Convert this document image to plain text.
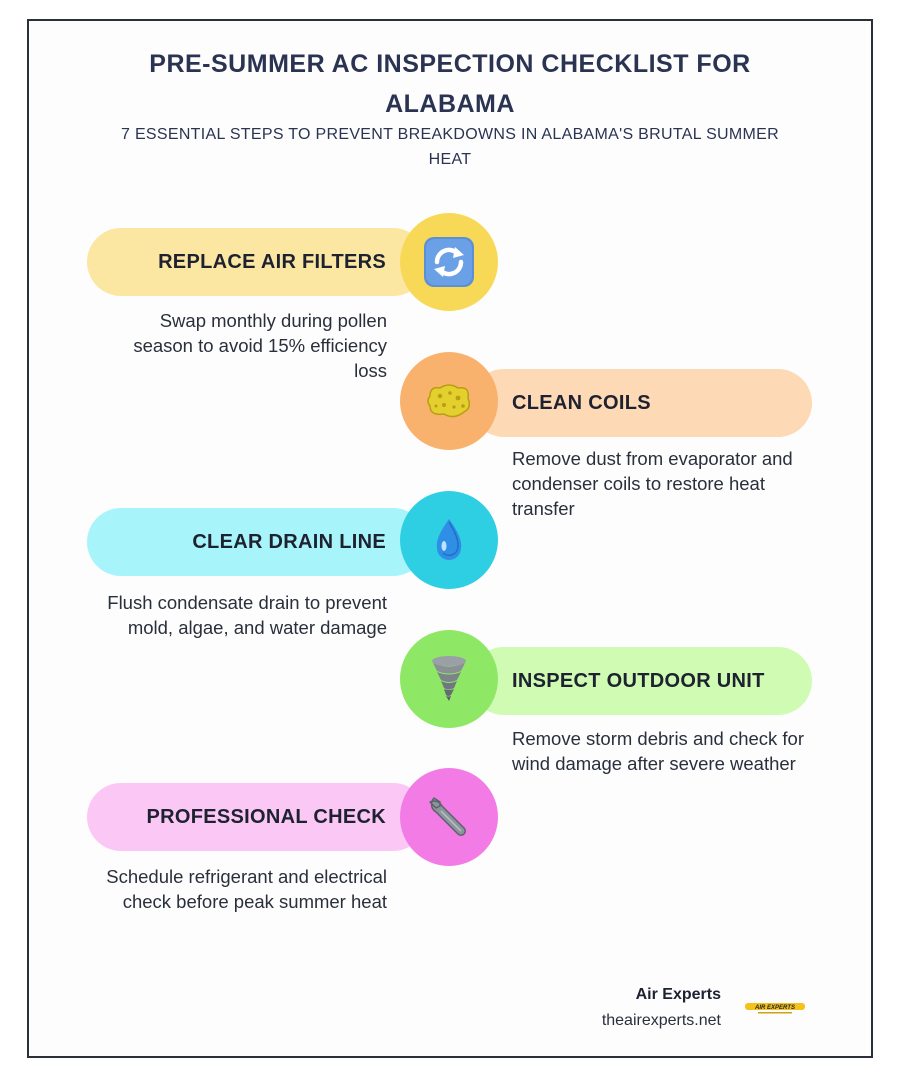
PRE-SUMMER AC INSPECTION CHECKLIST FOR ALABAMA
7 ESSENTIAL STEPS TO PREVENT BREAKDOWNS IN ALABAMA'S BRUTAL SUMMER HEAT
REPLACE AIR FILTERS
Swap monthly during pollen season to avoid 15% efficiency loss
CLEAN COILS
Remove dust from evaporator and condenser coils to restore heat transfer
CLEAR DRAIN LINE
Flush condensate drain to prevent mold, algae, and water damage
INSPECT OUTDOOR UNIT
Remove storm debris and check for wind damage after severe weather
PROFESSIONAL CHECK
Schedule refrigerant and electrical check before peak summer heat
Air Experts
theairexperts.net
AIR EXPERTS
